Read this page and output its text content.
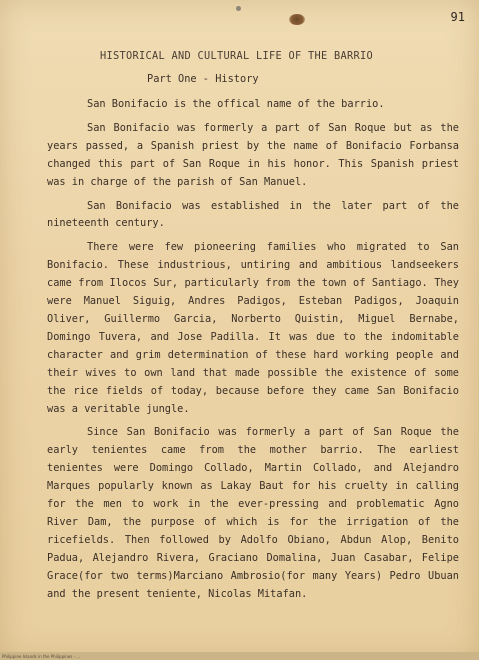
91
HISTORICAL AND CULTURAL LIFE OF THE BARRIO
Part One - History

San Bonifacio is the offical name of the barrio.

San Bonifacio was formerly a part of San Roque but as the years passed, a Spanish priest by the name of Bonifacio Forbansa changed this part of San Roque in his honor. This Spanish priest was in charge of the parish of San Manuel.

San Bonifacio was established in the later part of the nineteenth century.

There were few pioneering families who migrated to San Bonifacio. These industrious, untiring and ambitious landseekers came from Ilocos Sur, particularly from the town of Santiago. They were Manuel Siguig, Andres Padigos, Esteban Padigos, Joaquin Oliver, Guillermo Garcia, Norberto Quistin, Miguel Bernabe, Domingo Tuvera, and Jose Padilla. It was due to the indomitable character and grim determination of these hard working people and their wives to own land that made possible the existence of some the rice fields of today, because before they came San Bonifacio was a veritable jungle.

Since San Bonifacio was formerly a part of San Roque the early tenientes came from the mother barrio. The earliest tenientes were Domingo Collado, Martin Collado, and Alejandro Marques popularly known as Lakay Baut for his cruelty in calling for the men to work in the ever-pressing and problematic Agno River Dam, the purpose of which is for the irrigation of the ricefields. Then followed by Adolfo Obiano, Abdun Alop, Benito Padua, Alejandro Rivera, Graciano Domalina, Juan Casabar, Felipe Grace(for two terms)Marciano Ambrosio(for many Years) Pedro Ubuan and the present teniente, Nicolas Mitafan.

Philippine Islands in the Philippines - ...
